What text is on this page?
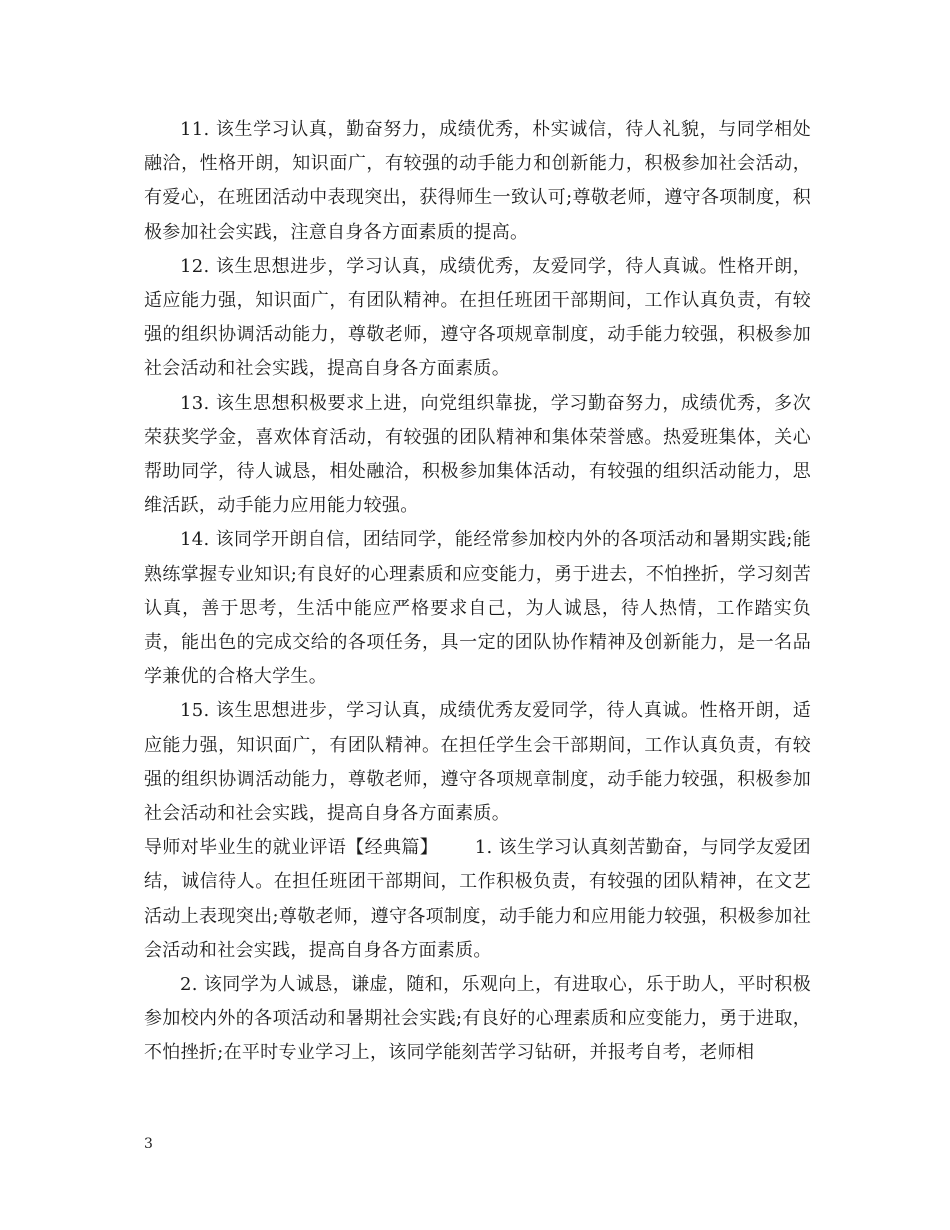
11. 该生学习认真，勤奋努力，成绩优秀，朴实诚信，待人礼貌，与同学相处融洽，性格开朗，知识面广，有较强的动手能力和创新能力，积极参加社会活动，有爱心，在班团活动中表现突出，获得师生一致认可;尊敬老师，遵守各项制度，积极参加社会实践，注意自身各方面素质的提高。

12. 该生思想进步，学习认真，成绩优秀，友爱同学，待人真诚。性格开朗，适应能力强，知识面广，有团队精神。在担任班团干部期间，工作认真负责，有较强的组织协调活动能力，尊敬老师，遵守各项规章制度，动手能力较强，积极参加社会活动和社会实践，提高自身各方面素质。

13. 该生思想积极要求上进，向党组织靠拢，学习勤奋努力，成绩优秀，多次荣获奖学金，喜欢体育活动，有较强的团队精神和集体荣誉感。热爱班集体，关心帮助同学，待人诚恳，相处融洽，积极参加集体活动，有较强的组织活动能力，思维活跃，动手能力应用能力较强。

14. 该同学开朗自信，团结同学，能经常参加校内外的各项活动和暑期实践;能熟练掌握专业知识;有良好的心理素质和应变能力，勇于进去，不怕挫折，学习刻苦认真，善于思考，生活中能应严格要求自己，为人诚恳，待人热情，工作踏实负责，能出色的完成交给的各项任务，具一定的团队协作精神及创新能力，是一名品学兼优的合格大学生。

15. 该生思想进步，学习认真，成绩优秀友爱同学，待人真诚。性格开朗，适应能力强，知识面广，有团队精神。在担任学生会干部期间，工作认真负责，有较强的组织协调活动能力，尊敬老师，遵守各项规章制度，动手能力较强，积极参加社会活动和社会实践，提高自身各方面素质。

导师对毕业生的就业评语【经典篇】 1. 该生学习认真刻苦勤奋，与同学友爱团结，诚信待人。在担任班团干部期间，工作积极负责，有较强的团队精神，在文艺活动上表现突出;尊敬老师，遵守各项制度，动手能力和应用能力较强，积极参加社会活动和社会实践，提高自身各方面素质。

2. 该同学为人诚恳，谦虚，随和，乐观向上，有进取心，乐于助人，平时积极参加校内外的各项活动和暑期社会实践;有良好的心理素质和应变能力，勇于进取，不怕挫折;在平时专业学习上，该同学能刻苦学习钻研，并报考自考，老师相

3
